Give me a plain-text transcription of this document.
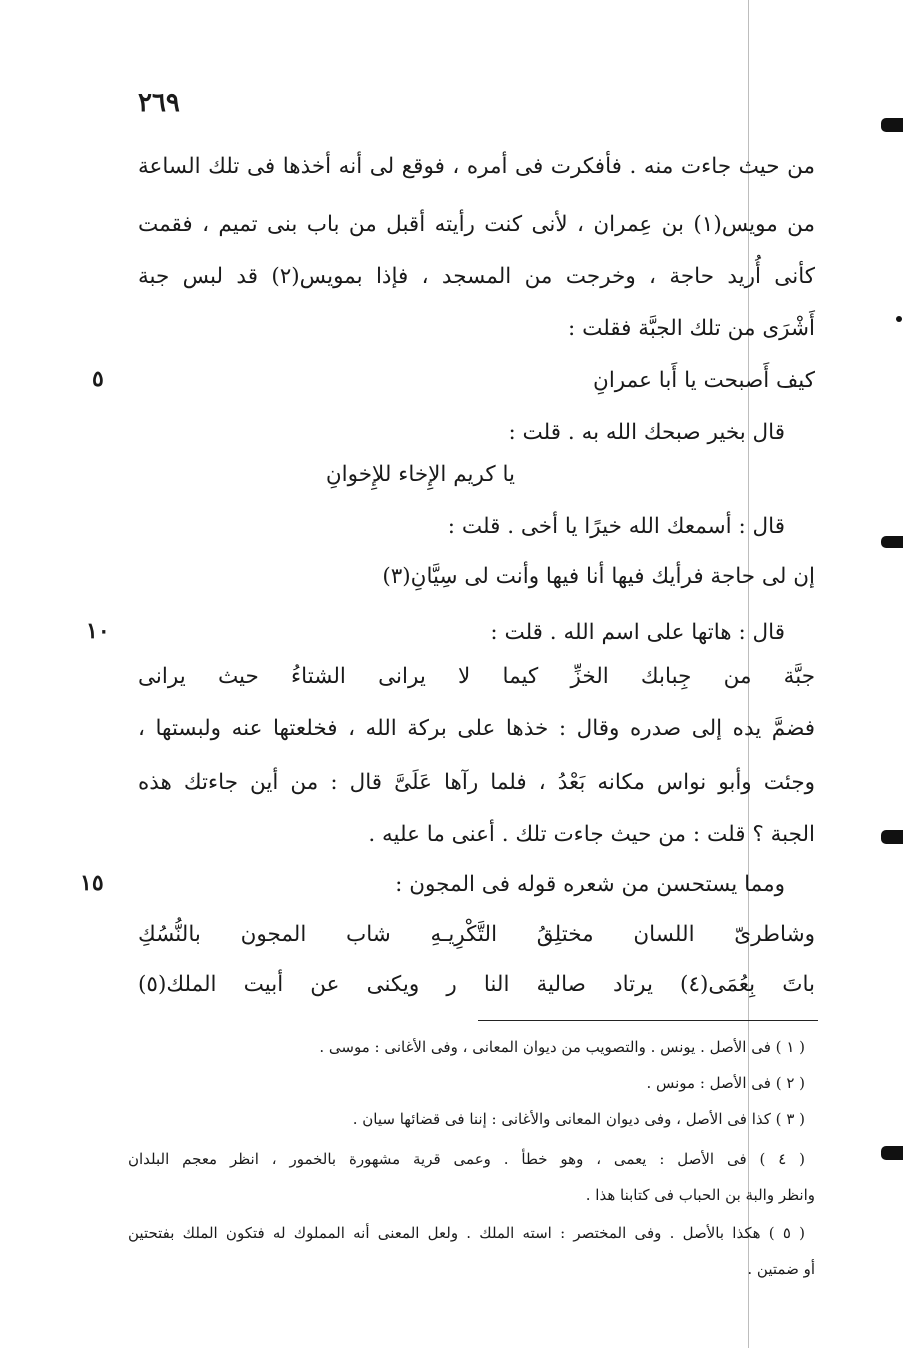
٢٦٩
من حيث جاءت منه . فأفكرت فى أمره ، فوقع لى أنه أخذها فى تلك الساعة
من مويس(١) بن عِمران ، لأنى كنت رأيته أقبل من باب بنى تميم ، فقمت
كأنى أُريد حاجة ، وخرجت من المسجد ، فإذا بمويس(٢) قد لبس جبة
أَشْرَى من تلك الجبَّة فقلت :
كيف أَصبحت يا أَبا عمرانِ
قال بخير صبحك الله به . قلت :
يا كريم الإِخاء للإِخوانِ
قال : أسمعك الله خيرًا يا أخى . قلت :
إن لى حاجة فرأيك فيها أنا فيها وأنت لى سِيَّانِ(٣)
قال : هاتها على اسم الله . قلت :
جبَّة من جِبابك الخزِّ كيما لا يرانى الشتاءُ حيث يرانى
فضمَّ يده إلى صدره وقال : خذها على بركة الله ، فخلعتها عنه ولبستها ،
وجئت وأبو نواس مكانه بَعْدُ ، فلما رآها عَلَىَّ قال : من أين جاءتك هذه
الجبة ؟ قلت : من حيث جاءت تلك . أعنى ما عليه .
ومما يستحسن من شعره قوله فى المجون :
وشاطرىّ اللسان مختلِقُ التَّكْرِيـهِ شاب المجون بالنُّسُكِ
باتَ بِعُمَى(٤) يرتاد صالية النا ر ويكنى عن أبيت الملك(٥)
٥
١٠
١٥
( ١ ) فى الأصل . يونس . والتصويب من ديوان المعانى ، وفى الأغانى : موسى .
( ٢ ) فى الأصل : مونس .
( ٣ ) كذا فى الأصل ، وفى ديوان المعانى والأغانى : إننا فى قضائها سيان .
( ٤ ) فى الأصل : يعمى ، وهو خطأ . وعمى قرية مشهورة بالخمور ، انظر معجم البلدان
وانظر والبة بن الحباب فى كتابنا هذا .
( ٥ ) هكذا بالأصل . وفى المختصر : استه الملك . ولعل المعنى أنه المملوك له فتكون الملك بفتحتين
أو ضمتين .
